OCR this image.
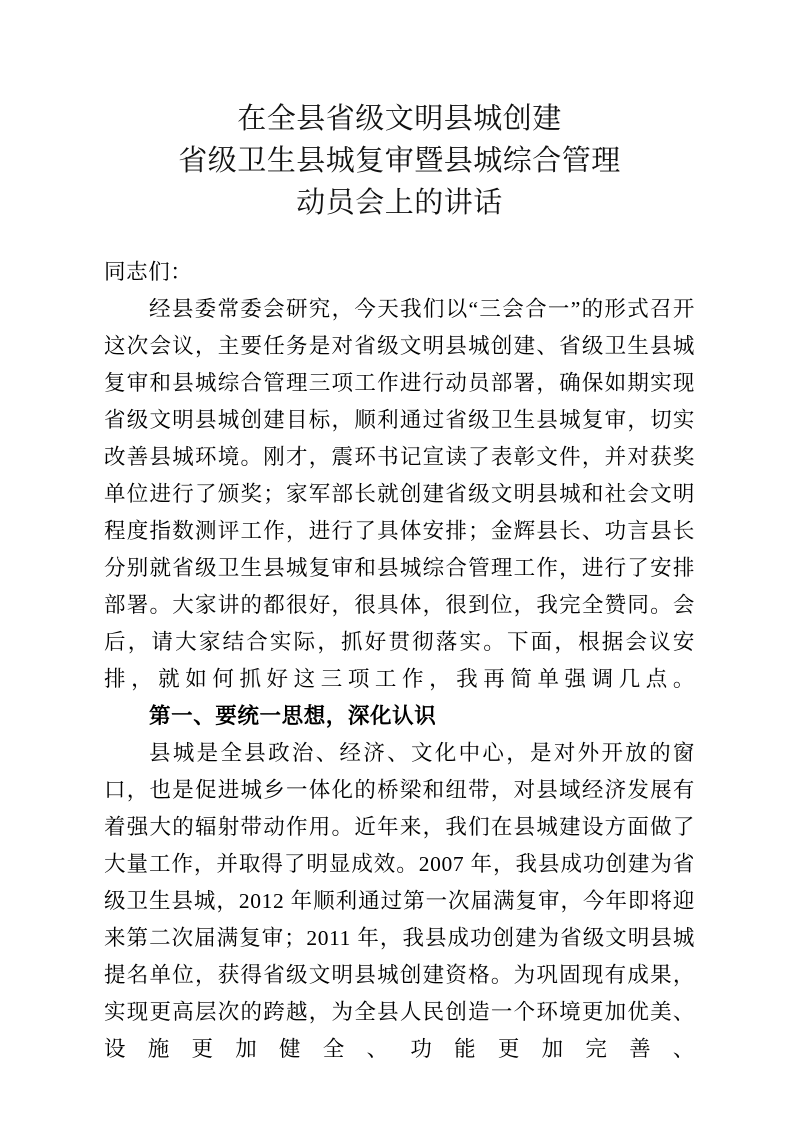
在全县省级文明县城创建
省级卫生县城复审暨县城综合管理
动员会上的讲话

同志们：

经县委常委会研究，今天我们以“三会合一”的形式召开这次会议，主要任务是对省级文明县城创建、省级卫生县城复审和县城综合管理三项工作进行动员部署，确保如期实现省级文明县城创建目标，顺利通过省级卫生县城复审，切实改善县城环境。刚才，震环书记宣读了表彰文件，并对获奖单位进行了颁奖；家军部长就创建省级文明县城和社会文明程度指数测评工作，进行了具体安排；金辉县长、功言县长分别就省级卫生县城复审和县城综合管理工作，进行了安排部署。大家讲的都很好，很具体，很到位，我完全赞同。会后，请大家结合实际，抓好贯彻落实。下面，根据会议安排，就如何抓好这三项工作，我再简单强调几点。

第一、要统一思想，深化认识

县城是全县政治、经济、文化中心，是对外开放的窗口，也是促进城乡一体化的桥梁和纽带，对县域经济发展有着强大的辐射带动作用。近年来，我们在县城建设方面做了大量工作，并取得了明显成效。2007 年，我县成功创建为省级卫生县城，2012 年顺利通过第一次届满复审，今年即将迎来第二次届满复审；2011 年，我县成功创建为省级文明县城提名单位，获得省级文明县城创建资格。为巩固现有成果，实现更高层次的跨越，为全县人民创造一个环境更加优美、设施更加健全、功能更加完善、
